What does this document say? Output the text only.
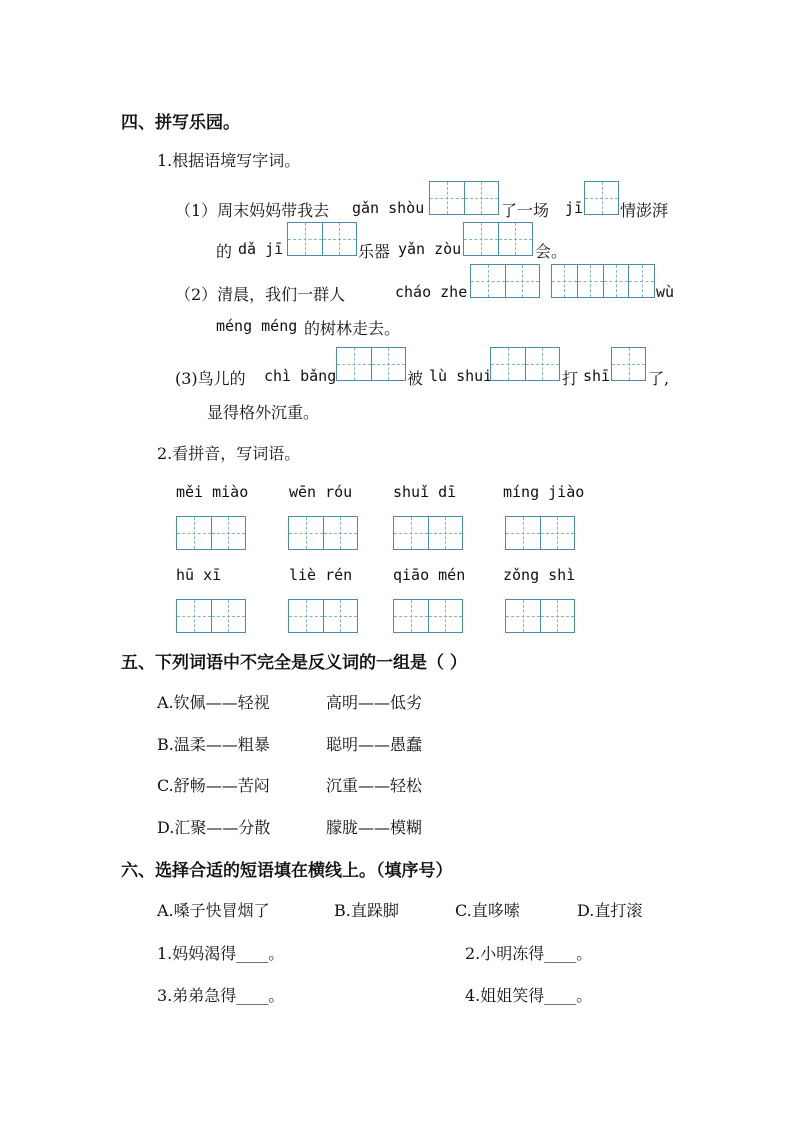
四、拼写乐园。
1.根据语境写字词。
（1）周末妈妈带我去 gǎn shòu	了一场 jī 情澎湃
的 dǎ jī	乐器 yǎn zòu	会。
（2）清晨，我们一群人	cháo zhe	wù
méng méng 的树林走去。
(3)鸟儿的 chì bǎng	被 lù shui	打 shī 了,
显得格外沉重。
2.看拼音，写词语。
měi miào	wēn róu	shuǐ dī	míng jiào
hū xī	liè rén	qiāo mén	zǒng shì
五、下列词语中不完全是反义词的一组是（ ）
A.钦佩——轻视	高明——低劣
B.温柔——粗暴	聪明——愚蠢
C.舒畅——苦闷	沉重——轻松
D.汇聚——分散	朦胧——模糊
六、选择合适的短语填在横线上。（填序号）
A.嗓子快冒烟了	B.直跺脚	C.直哆嗦	D.直打滚
1.妈妈渴得____。	2.小明冻得____。
3.弟弟急得____。	4.姐姐笑得____。
